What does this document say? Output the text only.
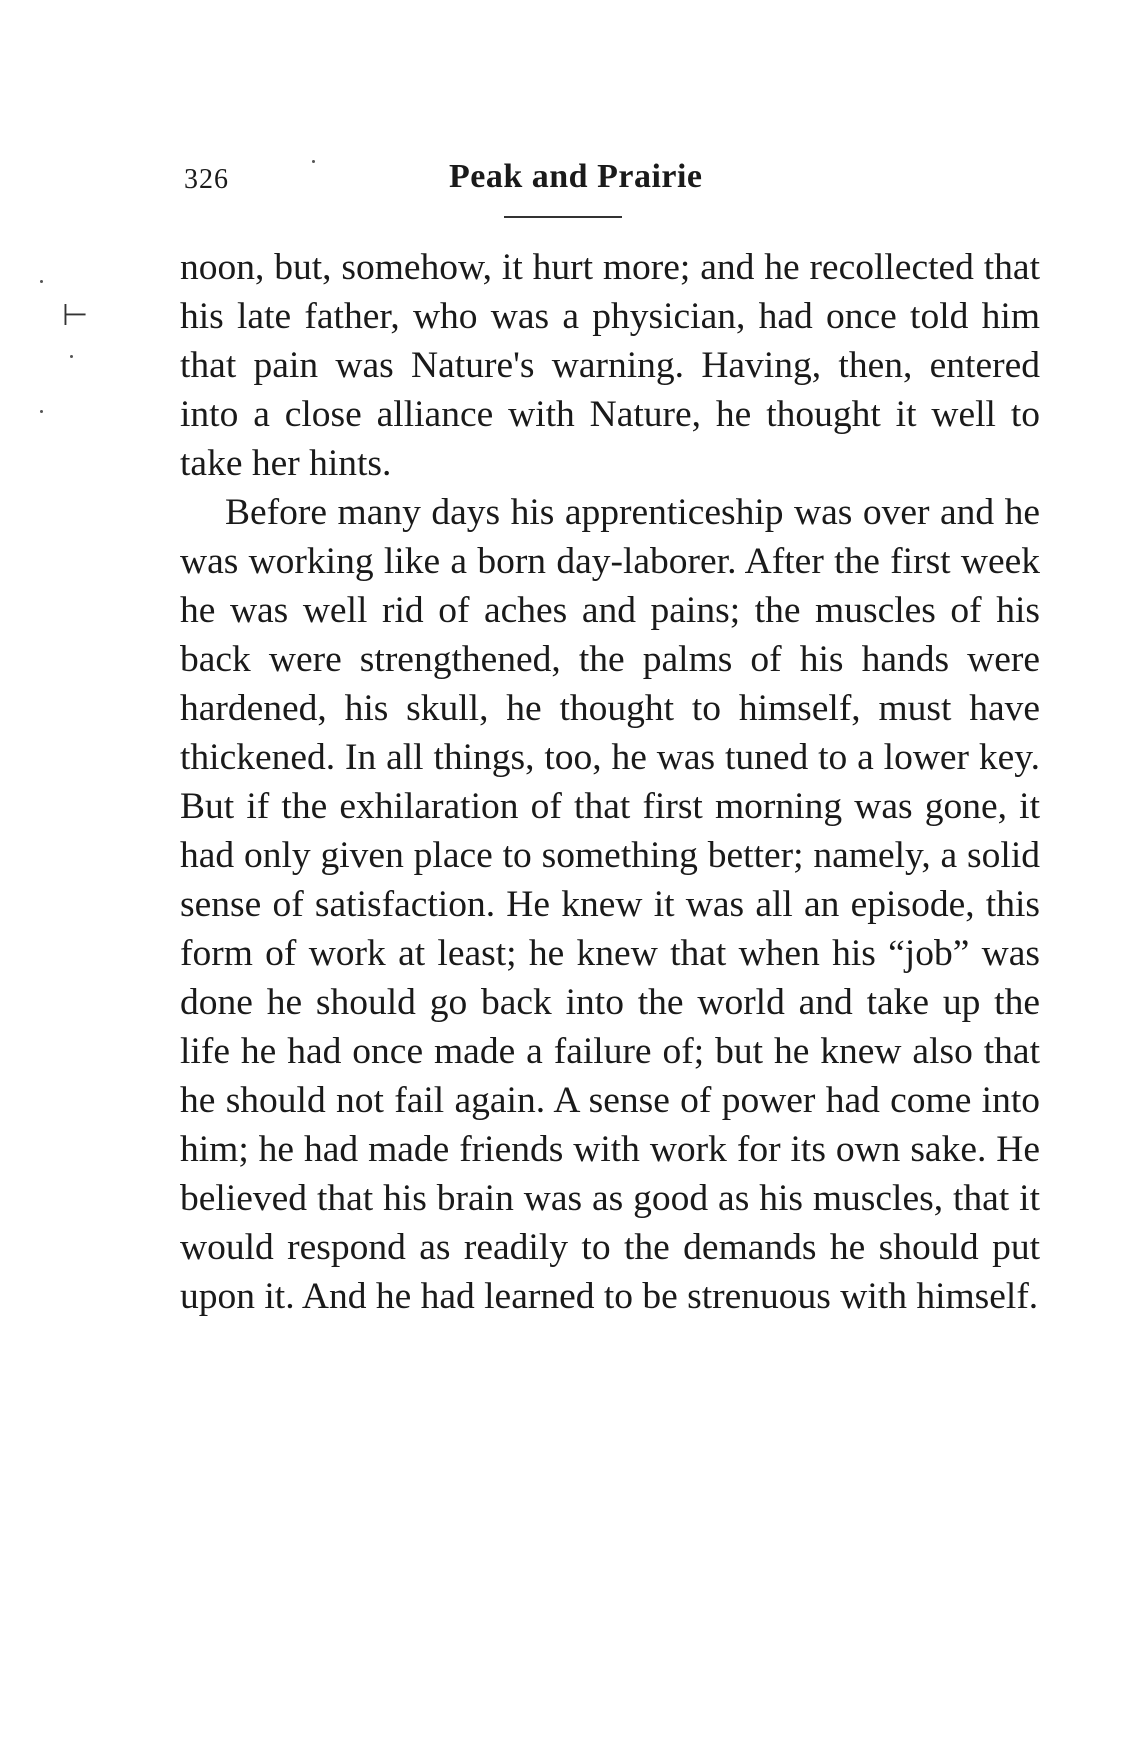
326	Peak and Prairie
⊢

noon, but, somehow, it hurt more; and he recollected that his late father, who was a physician, had once told him that pain was Nature's warning. Having, then, entered into a close alliance with Nature, he thought it well to take her hints.

Before many days his apprenticeship was over and he was working like a born day-laborer. After the first week he was well rid of aches and pains; the muscles of his back were strengthened, the palms of his hands were hardened, his skull, he thought to himself, must have thickened. In all things, too, he was tuned to a lower key. But if the exhilaration of that first morning was gone, it had only given place to something better; namely, a solid sense of satisfaction. He knew it was all an episode, this form of work at least; he knew that when his “job” was done he should go back into the world and take up the life he had once made a failure of; but he knew also that he should not fail again. A sense of power had come into him; he had made friends with work for its own sake. He believed that his brain was as good as his muscles, that it would respond as readily to the demands he should put upon it. And he had learned to be strenuous with himself.
